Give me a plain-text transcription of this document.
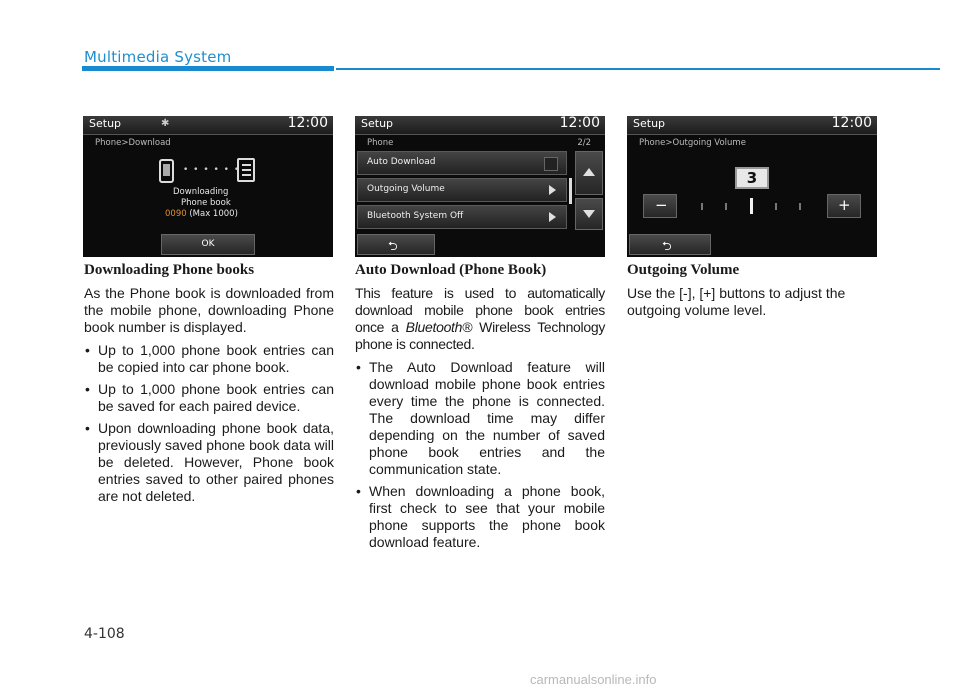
Multimedia System
Setup	✱	12:00
Phone>Download
• • • • • •
Downloading
Phone book
0090 (Max 1000)
OK
Setup	12:00
Phone	2/2
Auto Download
Outgoing Volume
Bluetooth System Off
⮌
Setup	12:00
Phone>Outgoing Volume
3
−	+
⮌
Downloading Phone books

As the Phone book is downloaded from the mobile phone, downloading Phone book number is displayed.

• Up to 1,000 phone book entries can be copied into car phone book.
• Up to 1,000 phone book entries can be saved for each paired device.
• Upon downloading phone book data, previously saved phone book data will be deleted. However, Phone book entries saved to other paired phones are not deleted.
Auto Download (Phone Book)

This feature is used to automatically download mobile phone book entries once a Bluetooth® Wireless Technology phone is connected.

• The Auto Download feature will download mobile phone book entries every time the phone is connected. The download time may differ depending on the number of saved phone book entries and the communication state.
• When downloading a phone book, first check to see that your mobile phone supports the phone book download feature.
Outgoing Volume

Use the [-], [+] buttons to adjust the outgoing volume level.

4-108
carmanualsonline.info
